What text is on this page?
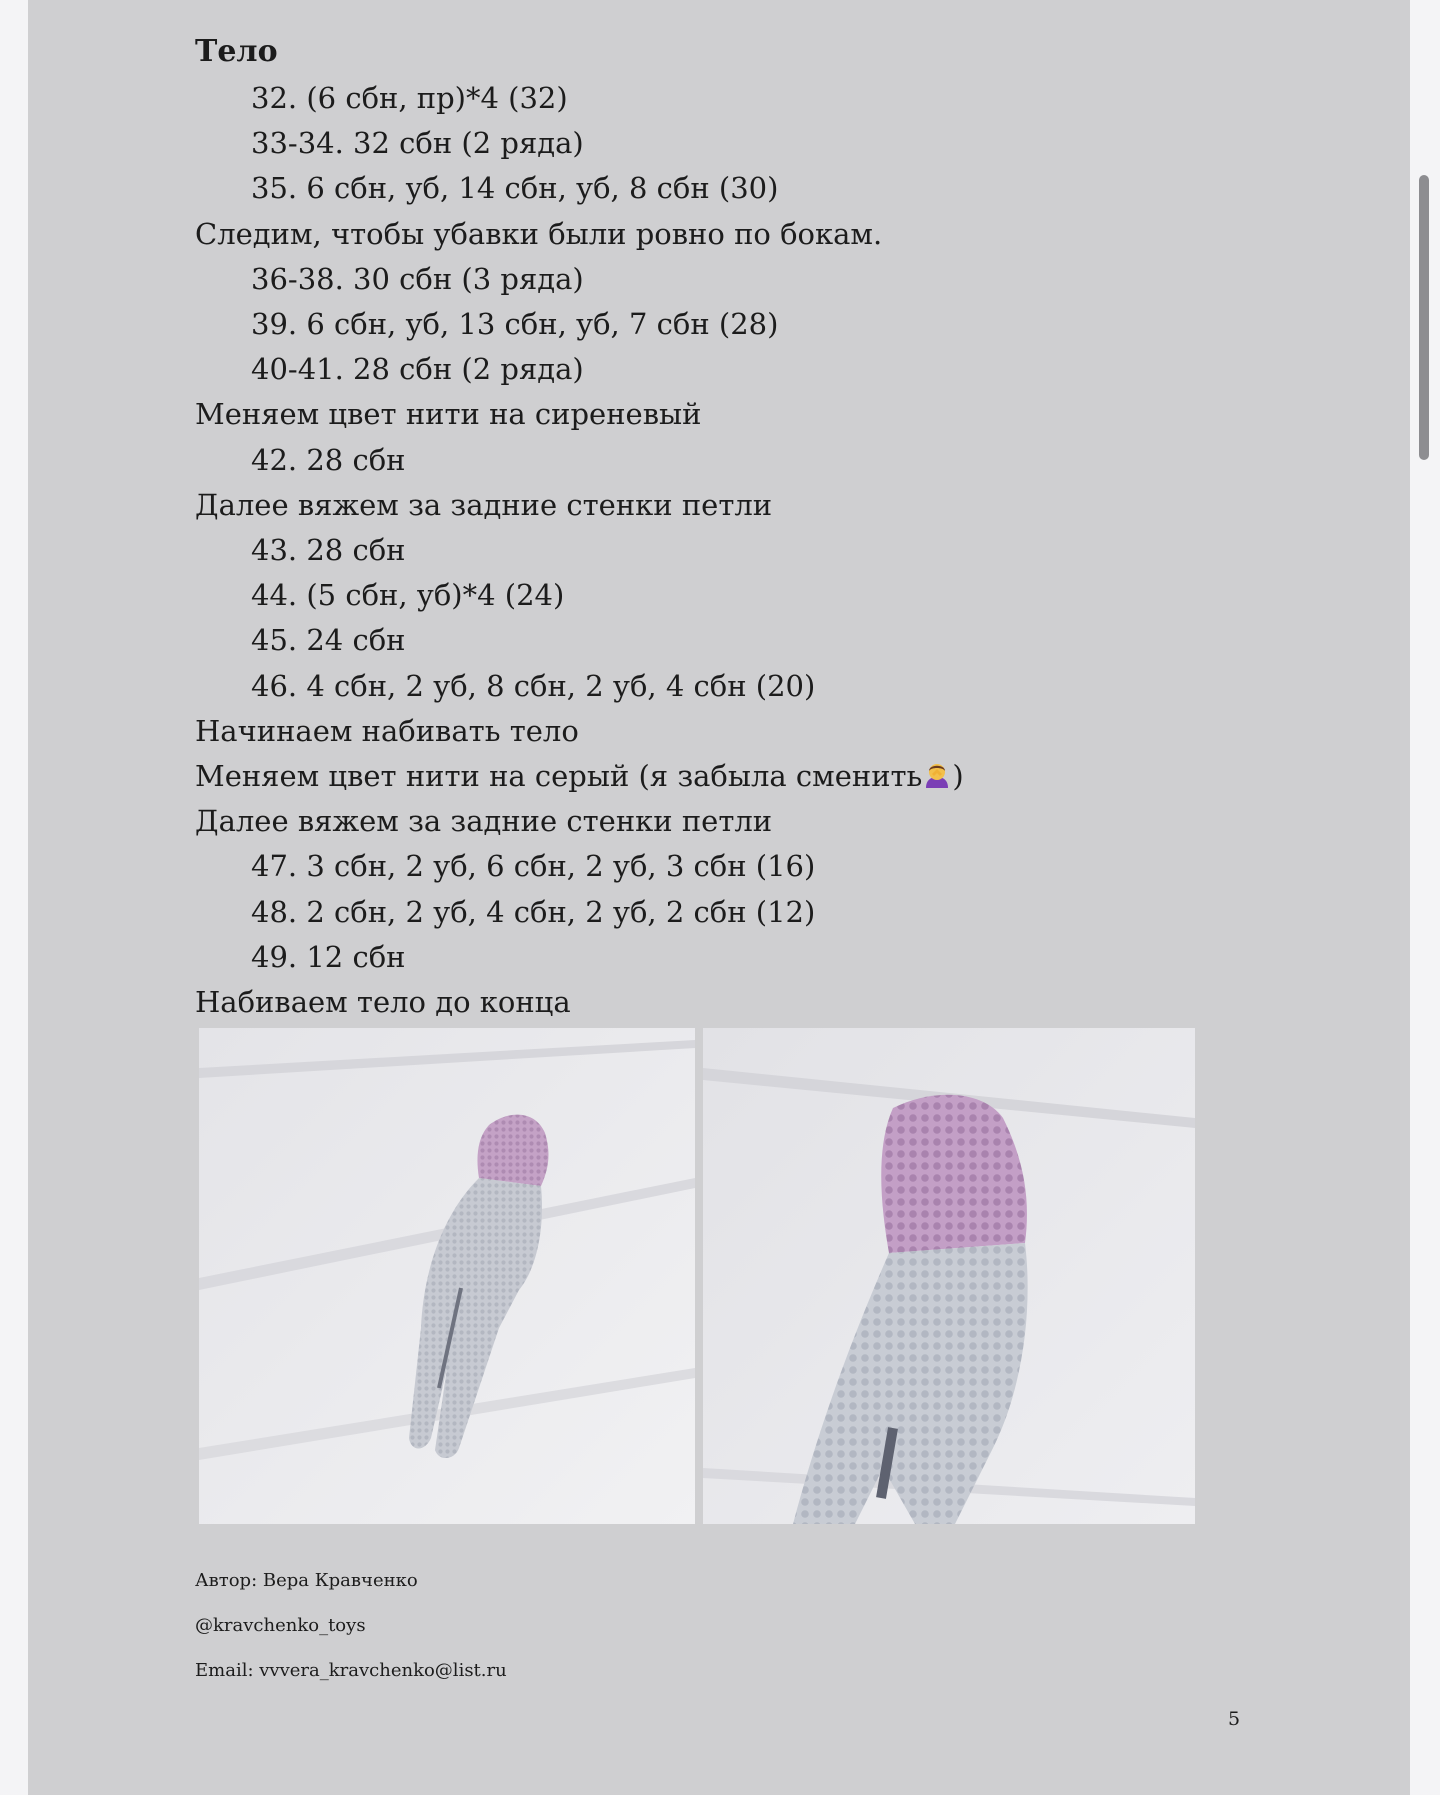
Тело

32. (6 сбн, пр)*4 (32)

33-34. 32 сбн (2 ряда)

35. 6 сбн, уб, 14 сбн, уб, 8 сбн (30)

Следим, чтобы убавки были ровно по бокам.

36-38. 30 сбн (3 ряда)

39. 6 сбн, уб, 13 сбн, уб, 7 сбн (28)

40-41. 28 сбн (2 ряда)

Меняем цвет нити на сиреневый

42. 28 сбн

Далее вяжем за задние стенки петли

43. 28 сбн

44. (5 сбн, уб)*4 (24)

45. 24 сбн

46. 4 сбн, 2 уб, 8 сбн, 2 уб, 4 сбн (20)

Начинаем набивать тело

Меняем цвет нити на серый (я забыла сменить )

Далее вяжем за задние стенки петли

47. 3 сбн, 2 уб, 6 сбн, 2 уб, 3 сбн (16)

48. 2 сбн, 2 уб, 4 сбн, 2 уб, 2 сбн (12)

49. 12 сбн

Набиваем тело до конца

Автор: Вера Кравченко

@kravchenko_toys

Email: vvvera_kravchenko@list.ru

5
